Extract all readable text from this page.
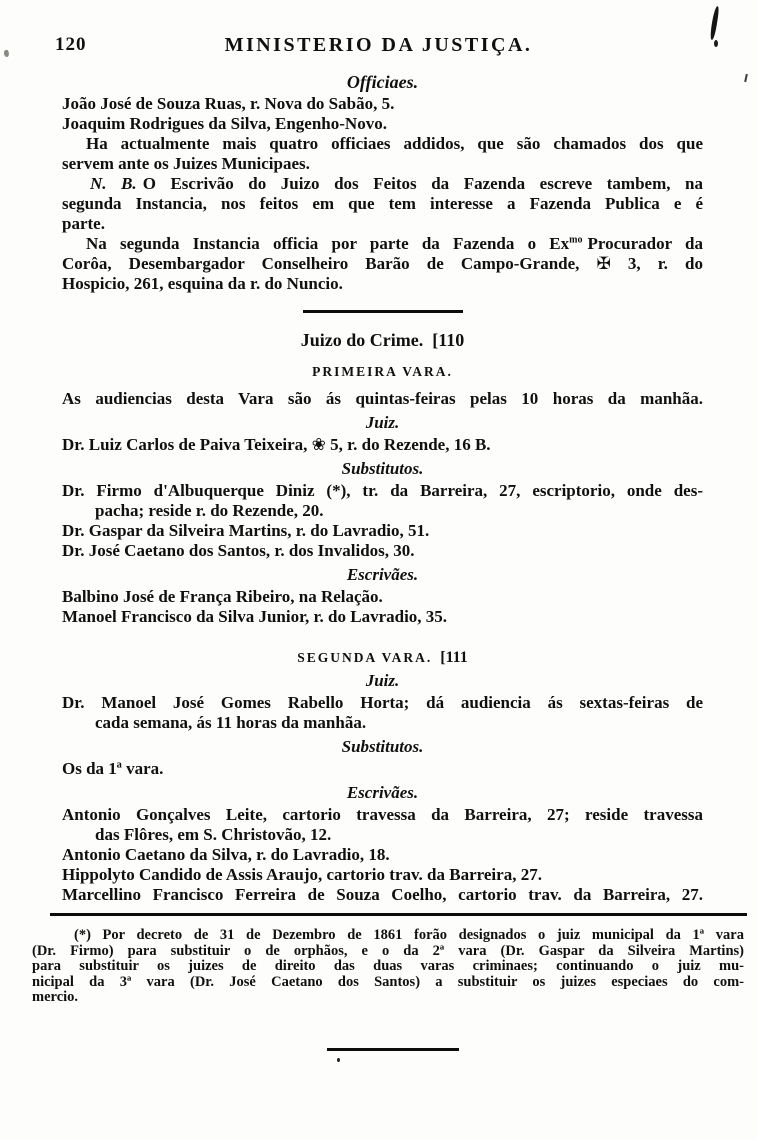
120	MINISTERIO DA JUSTIÇA.
Officiaes.
João José de Souza Ruas, r. Nova do Sabão, 5.
Joaquim Rodrigues da Silva, Engenho-Novo.
Ha actualmente mais quatro officiaes addidos, que são chamados dos que
servem ante os Juizes Municipaes.
N. B. O Escrivão do Juizo dos Feitos da Fazenda escreve tambem, na
segunda Instancia, nos feitos em que tem interesse a Fazenda Publica e é
parte.
Na segunda Instancia officia por parte da Fazenda o $Ex^{mo}$ Procurador da
Corôa, Desembargador Conselheiro Barão de Campo-Grande, ✠ 3, r. do
Hospicio, 261, esquina da r. do Nuncio.
Juizo do Crime. [110
PRIMEIRA VARA.
As audiencias desta Vara são ás quintas-feiras pelas 10 horas da manhãa.
Juiz.
Dr. Luiz Carlos de Paiva Teixeira, ❀ 5, r. do Rezende, 16 B.
Substitutos.
Dr. Firmo d'Albuquerque Diniz (*), tr. da Barreira, 27, escriptorio, onde des-
pacha; reside r. do Rezende, 20.
Dr. Gaspar da Silveira Martins, r. do Lavradio, 51.
Dr. José Caetano dos Santos, r. dos Invalidos, 30.
Escrivães.
Balbino José de França Ribeiro, na Relação.
Manoel Francisco da Silva Junior, r. do Lavradio, 35.
SEGUNDA VARA. [111
Juiz.
Dr. Manoel José Gomes Rabello Horta; dá audiencia ás sextas-feiras de
cada semana, ás 11 horas da manhãa.
Substitutos.
Os da 1ª vara.
Escrivães.
Antonio Gonçalves Leite, cartorio travessa da Barreira, 27; reside travessa
das Flôres, em S. Christovão, 12.
Antonio Caetano da Silva, r. do Lavradio, 18.
Hippolyto Candido de Assis Araujo, cartorio trav. da Barreira, 27.
Marcellino Francisco Ferreira de Souza Coelho, cartorio trav. da Barreira, 27.
(*) Por decreto de 31 de Dezembro de 1861 forão designados o juiz municipal da 1ª vara
(Dr. Firmo) para substituir o de orphãos, e o da 2ª vara (Dr. Gaspar da Silveira Martins)
para substituir os juizes de direito das duas varas criminaes; continuando o juiz mu-
nicipal da 3ª vara (Dr. José Caetano dos Santos) a substituir os juizes especiaes do com-
mercio.
